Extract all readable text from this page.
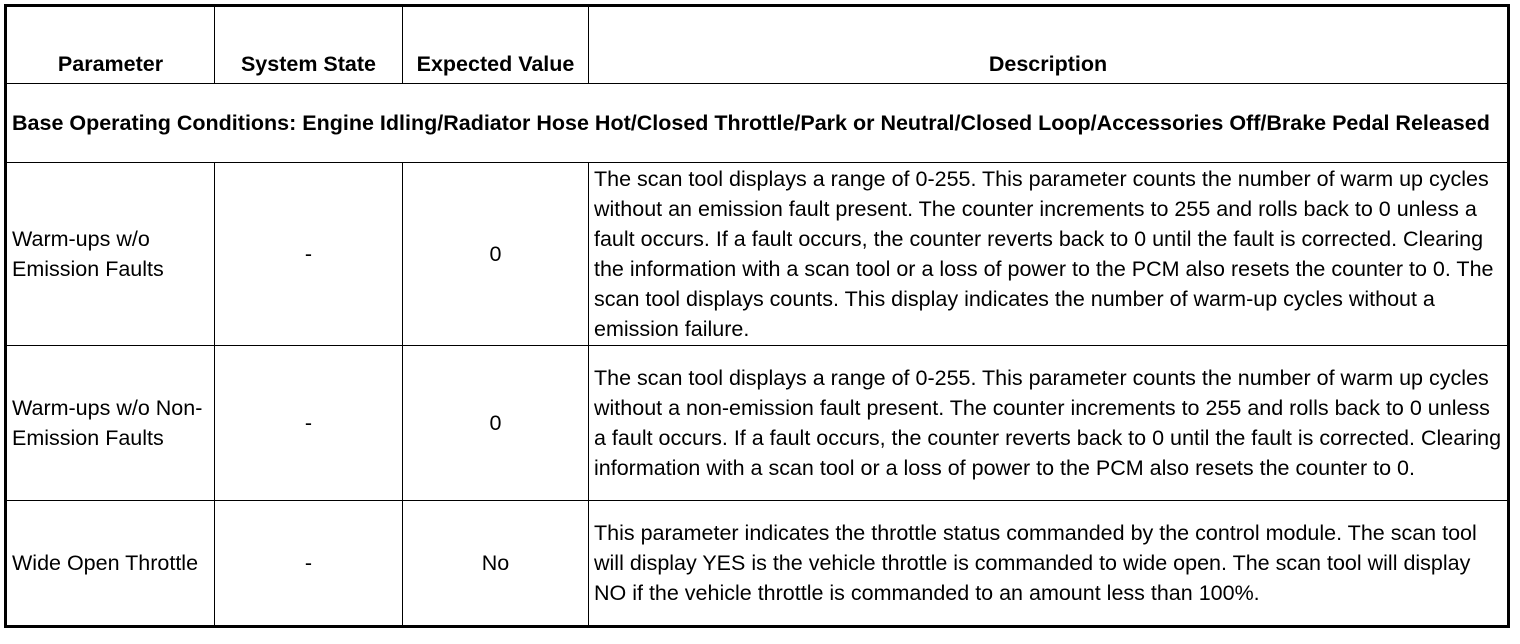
Parameter	System State	Expected Value	Description
Base Operating Conditions: Engine Idling/Radiator Hose Hot/Closed Throttle/Park or Neutral/Closed Loop/Accessories Off/Brake Pedal Released			
Warm-ups w/o Emission Faults	-	0	The scan tool displays a range of 0-255. This parameter counts the number of warm up cycles without an emission fault present. The counter increments to 255 and rolls back to 0 unless a fault occurs. If a fault occurs, the counter reverts back to 0 until the fault is corrected. Clearing the information with a scan tool or a loss of power to the PCM also resets the counter to 0. The scan tool displays counts. This display indicates the number of warm-up cycles without a emission failure.
Warm-ups w/o Non-Emission Faults	-	0	The scan tool displays a range of 0-255. This parameter counts the number of warm up cycles without a non-emission fault present. The counter increments to 255 and rolls back to 0 unless a fault occurs. If a fault occurs, the counter reverts back to 0 until the fault is corrected. Clearing information with a scan tool or a loss of power to the PCM also resets the counter to 0.
Wide Open Throttle	-	No	This parameter indicates the throttle status commanded by the control module. The scan tool will display YES is the vehicle throttle is commanded to wide open. The scan tool will display NO if the vehicle throttle is commanded to an amount less than 100%.
